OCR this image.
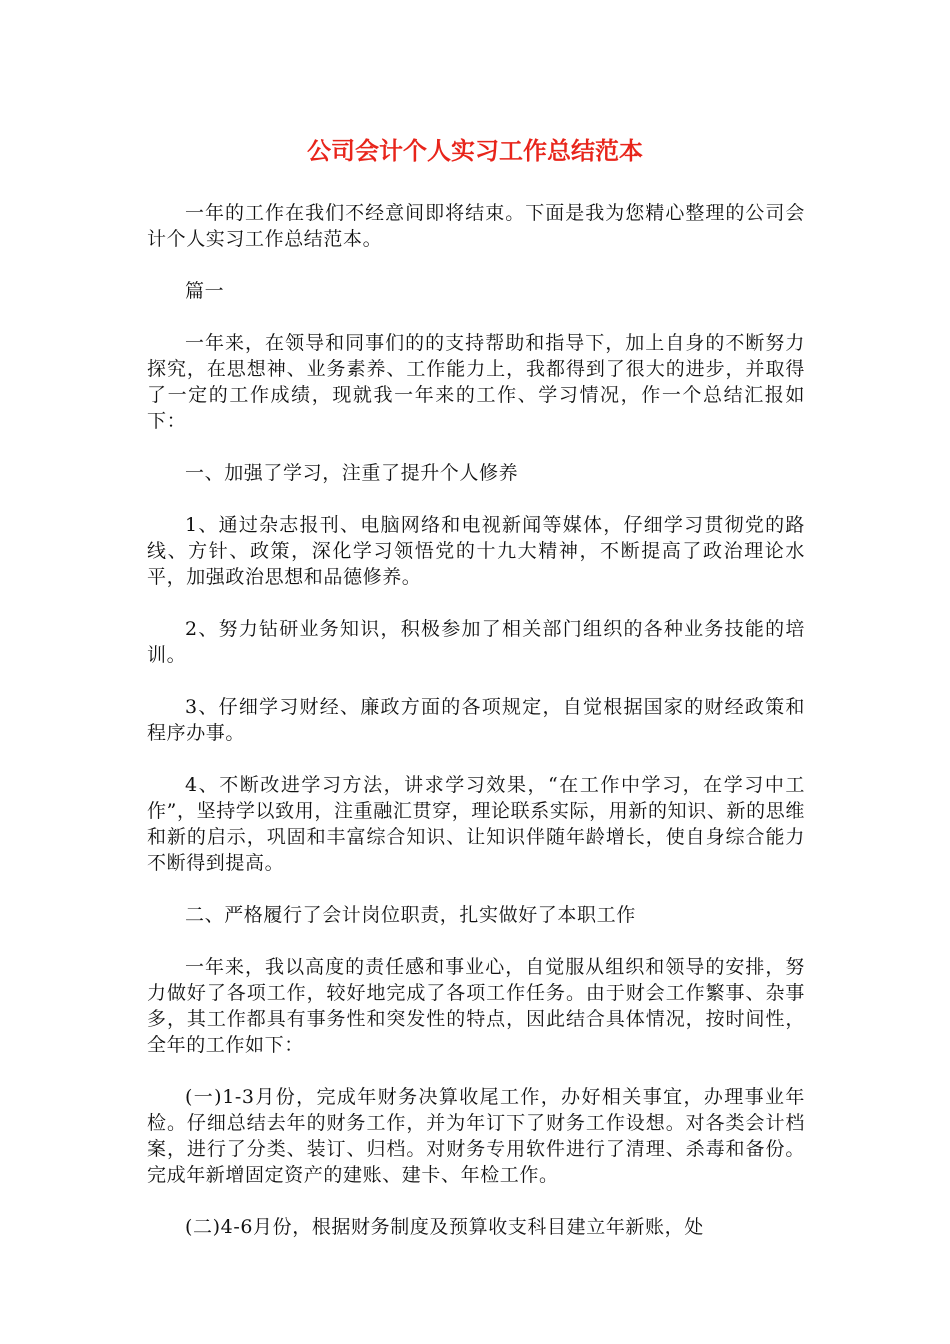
公司会计个人实习工作总结范本

一年的工作在我们不经意间即将结束。下面是我为您精心整理的公司会计个人实习工作总结范本。

篇一

一年来，在领导和同事们的的支持帮助和指导下，加上自身的不断努力探究，在思想神、业务素养、工作能力上，我都得到了很大的进步，并取得了一定的工作成绩，现就我一年来的工作、学习情况，作一个总结汇报如下：

一、加强了学习，注重了提升个人修养

1、通过杂志报刊、电脑网络和电视新闻等媒体，仔细学习贯彻党的路线、方针、政策，深化学习领悟党的十九大精神，不断提高了政治理论水平，加强政治思想和品德修养。

2、努力钻研业务知识，积极参加了相关部门组织的各种业务技能的培训。

3、仔细学习财经、廉政方面的各项规定，自觉根据国家的财经政策和程序办事。

4、不断改进学习方法，讲求学习效果，“在工作中学习，在学习中工作”，坚持学以致用，注重融汇贯穿，理论联系实际，用新的知识、新的思维和新的启示，巩固和丰富综合知识、让知识伴随年龄增长，使自身综合能力不断得到提高。

二、严格履行了会计岗位职责，扎实做好了本职工作

一年来，我以高度的责任感和事业心，自觉服从组织和领导的安排，努力做好了各项工作，较好地完成了各项工作任务。由于财会工作繁事、杂事多，其工作都具有事务性和突发性的特点，因此结合具体情况，按时间性，全年的工作如下：

(一)1-3月份，完成年财务决算收尾工作，办好相关事宜，办理事业年检。仔细总结去年的财务工作，并为年订下了财务工作设想。对各类会计档案，进行了分类、装订、归档。对财务专用软件进行了清理、杀毒和备份。完成年新增固定资产的建账、建卡、年检工作。

(二)4-6月份，根据财务制度及预算收支科目建立年新账，处
